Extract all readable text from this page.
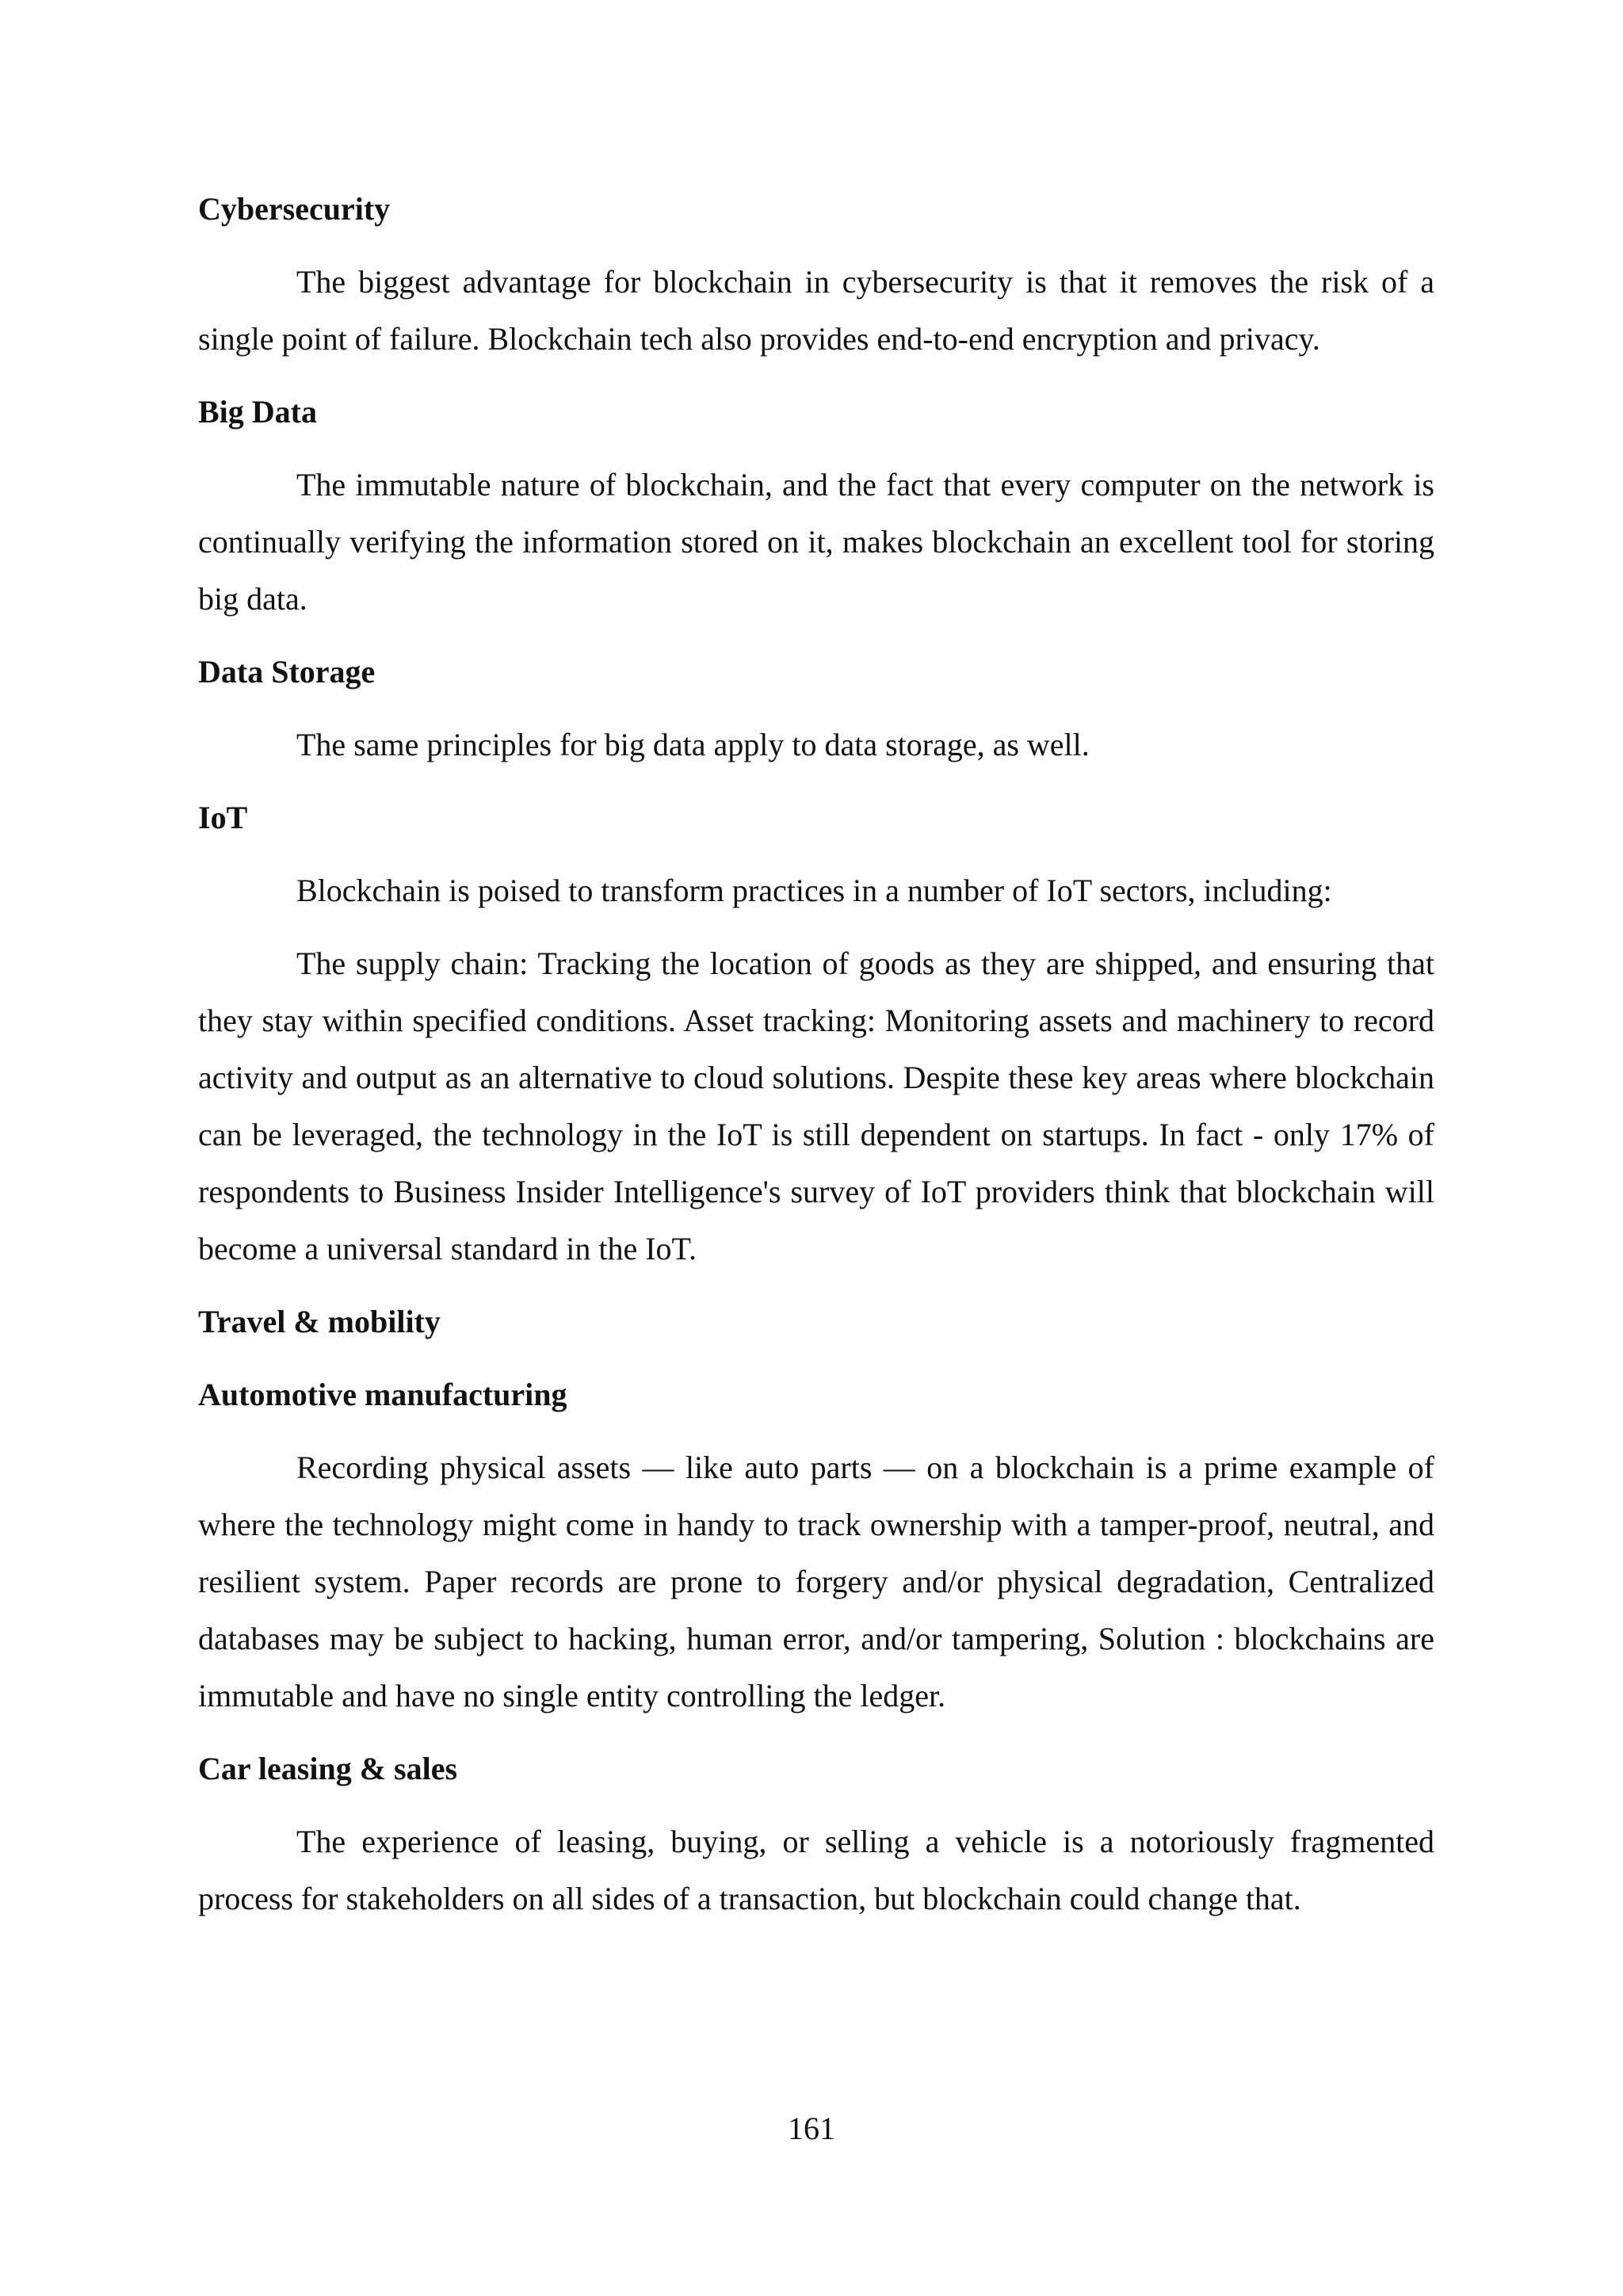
Cybersecurity

The biggest advantage for blockchain in cybersecurity is that it removes the risk of a single point of failure. Blockchain tech also provides end-to-end encryption and privacy.

Big Data

The immutable nature of blockchain, and the fact that every computer on the network is continually verifying the information stored on it, makes blockchain an excellent tool for storing big data.

Data Storage

The same principles for big data apply to data storage, as well.

IoT

Blockchain is poised to transform practices in a number of IoT sectors, including:

The supply chain: Tracking the location of goods as they are shipped, and ensuring that they stay within specified conditions. Asset tracking: Monitoring assets and machinery to record activity and output as an alternative to cloud solutions. Despite these key areas where blockchain can be leveraged, the technology in the IoT is still dependent on startups. In fact - only 17% of respondents to Business Insider Intelligence's survey of IoT providers think that blockchain will become a universal standard in the IoT.

Travel & mobility
Automotive manufacturing

Recording physical assets — like auto parts — on a blockchain is a prime example of where the technology might come in handy to track ownership with a tamper-proof, neutral, and resilient system. Paper records are prone to forgery and/or physical degradation, Centralized databases may be subject to hacking, human error, and/or tampering, Solution : blockchains are immutable and have no single entity controlling the ledger.

Car leasing & sales

The experience of leasing, buying, or selling a vehicle is a notoriously fragmented process for stakeholders on all sides of a transaction, but blockchain could change that.

161
